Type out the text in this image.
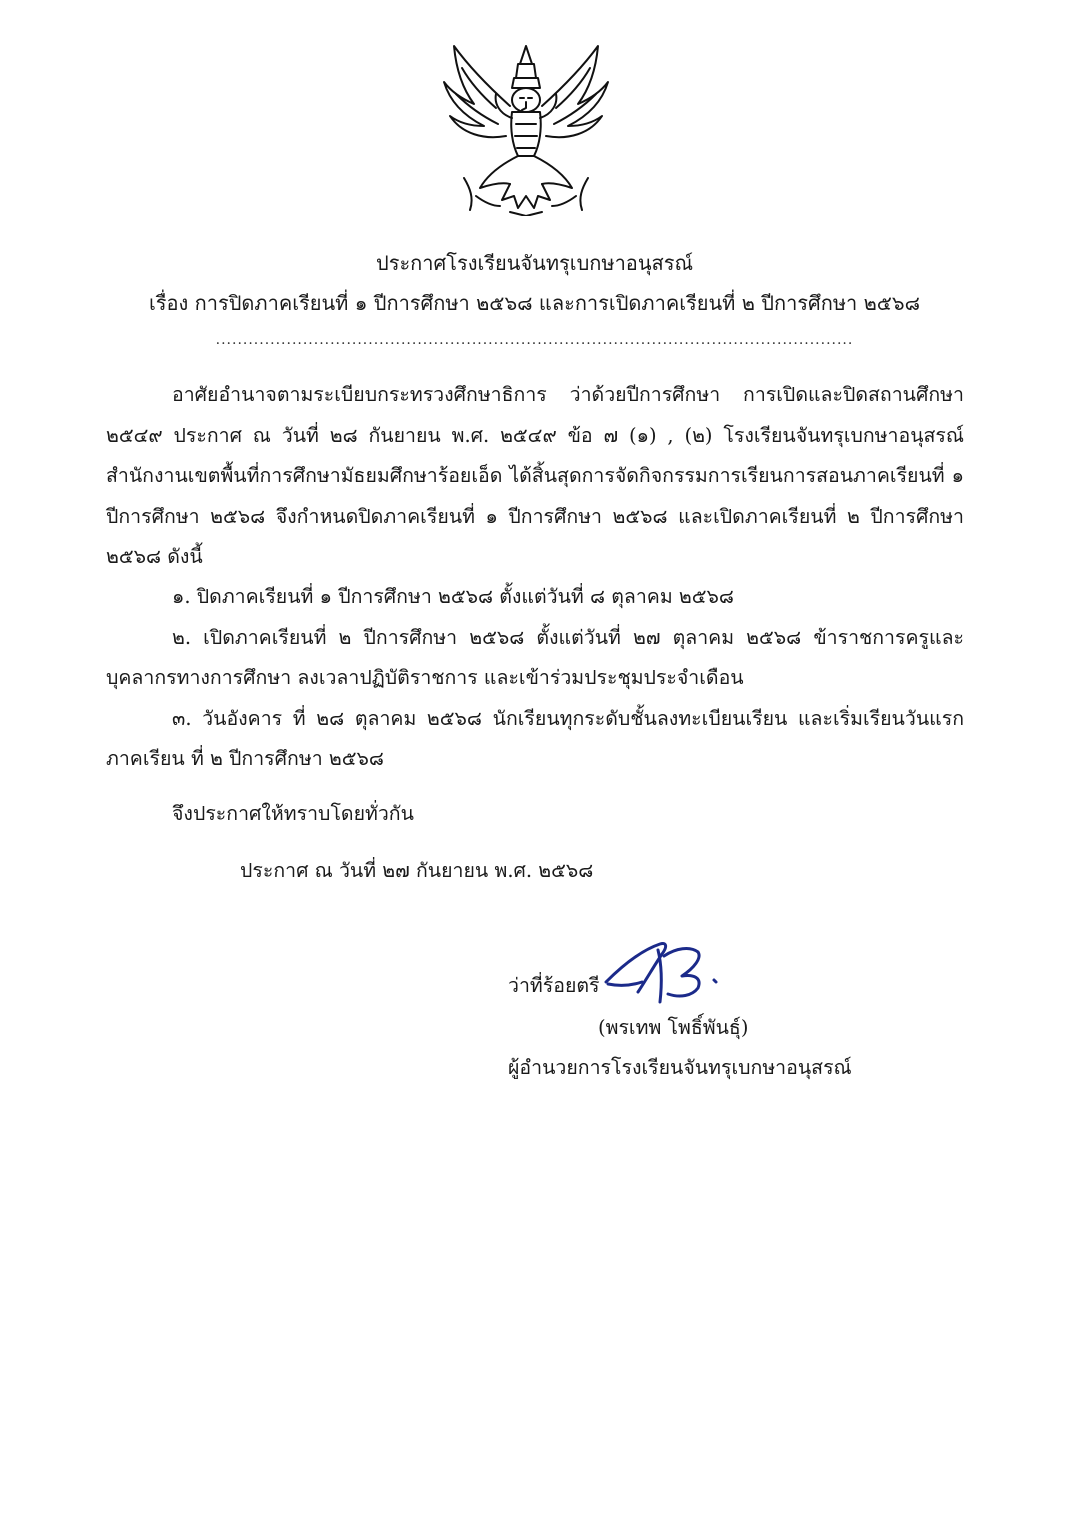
ประกาศโรงเรียนจันทรุเบกษาอนุสรณ์
เรื่อง การปิดภาคเรียนที่ ๑ ปีการศึกษา ๒๕๖๘ และการเปิดภาคเรียนที่ ๒ ปีการศึกษา ๒๕๖๘
.....................................................................................................................
อาศัยอำนาจตามระเบียบกระทรวงศึกษาธิการ ว่าด้วยปีการศึกษา การเปิดและปิดสถานศึกษา ๒๕๔๙ ประกาศ ณ วันที่ ๒๘ กันยายน พ.ศ. ๒๕๔๙ ข้อ ๗ (๑) , (๒) โรงเรียนจันทรุเบกษาอนุสรณ์ สำนักงานเขตพื้นที่การศึกษามัธยมศึกษาร้อยเอ็ด ได้สิ้นสุดการจัดกิจกรรมการเรียนการสอนภาคเรียนที่ ๑ ปีการศึกษา ๒๕๖๘ จึงกำหนดปิดภาคเรียนที่ ๑ ปีการศึกษา ๒๕๖๘ และเปิดภาคเรียนที่ ๒ ปีการศึกษา ๒๕๖๘ ดังนี้

๑. ปิดภาคเรียนที่ ๑ ปีการศึกษา ๒๕๖๘ ตั้งแต่วันที่ ๘ ตุลาคม ๒๕๖๘

๒. เปิดภาคเรียนที่ ๒ ปีการศึกษา ๒๕๖๘ ตั้งแต่วันที่ ๒๗ ตุลาคม ๒๕๖๘ ข้าราชการครูและบุคลากรทางการศึกษา ลงเวลาปฏิบัติราชการ และเข้าร่วมประชุมประจำเดือน

๓. วันอังคาร ที่ ๒๘ ตุลาคม ๒๕๖๘ นักเรียนทุกระดับชั้นลงทะเบียนเรียน และเริ่มเรียนวันแรกภาคเรียน ที่ ๒ ปีการศึกษา ๒๕๖๘

จึงประกาศให้ทราบโดยทั่วกัน
ประกาศ ณ วันที่ ๒๗ กันยายน พ.ศ. ๒๕๖๘
ว่าที่ร้อยตรี
(พรเทพ โพธิ์พันธุ์)
ผู้อำนวยการโรงเรียนจันทรุเบกษาอนุสรณ์
